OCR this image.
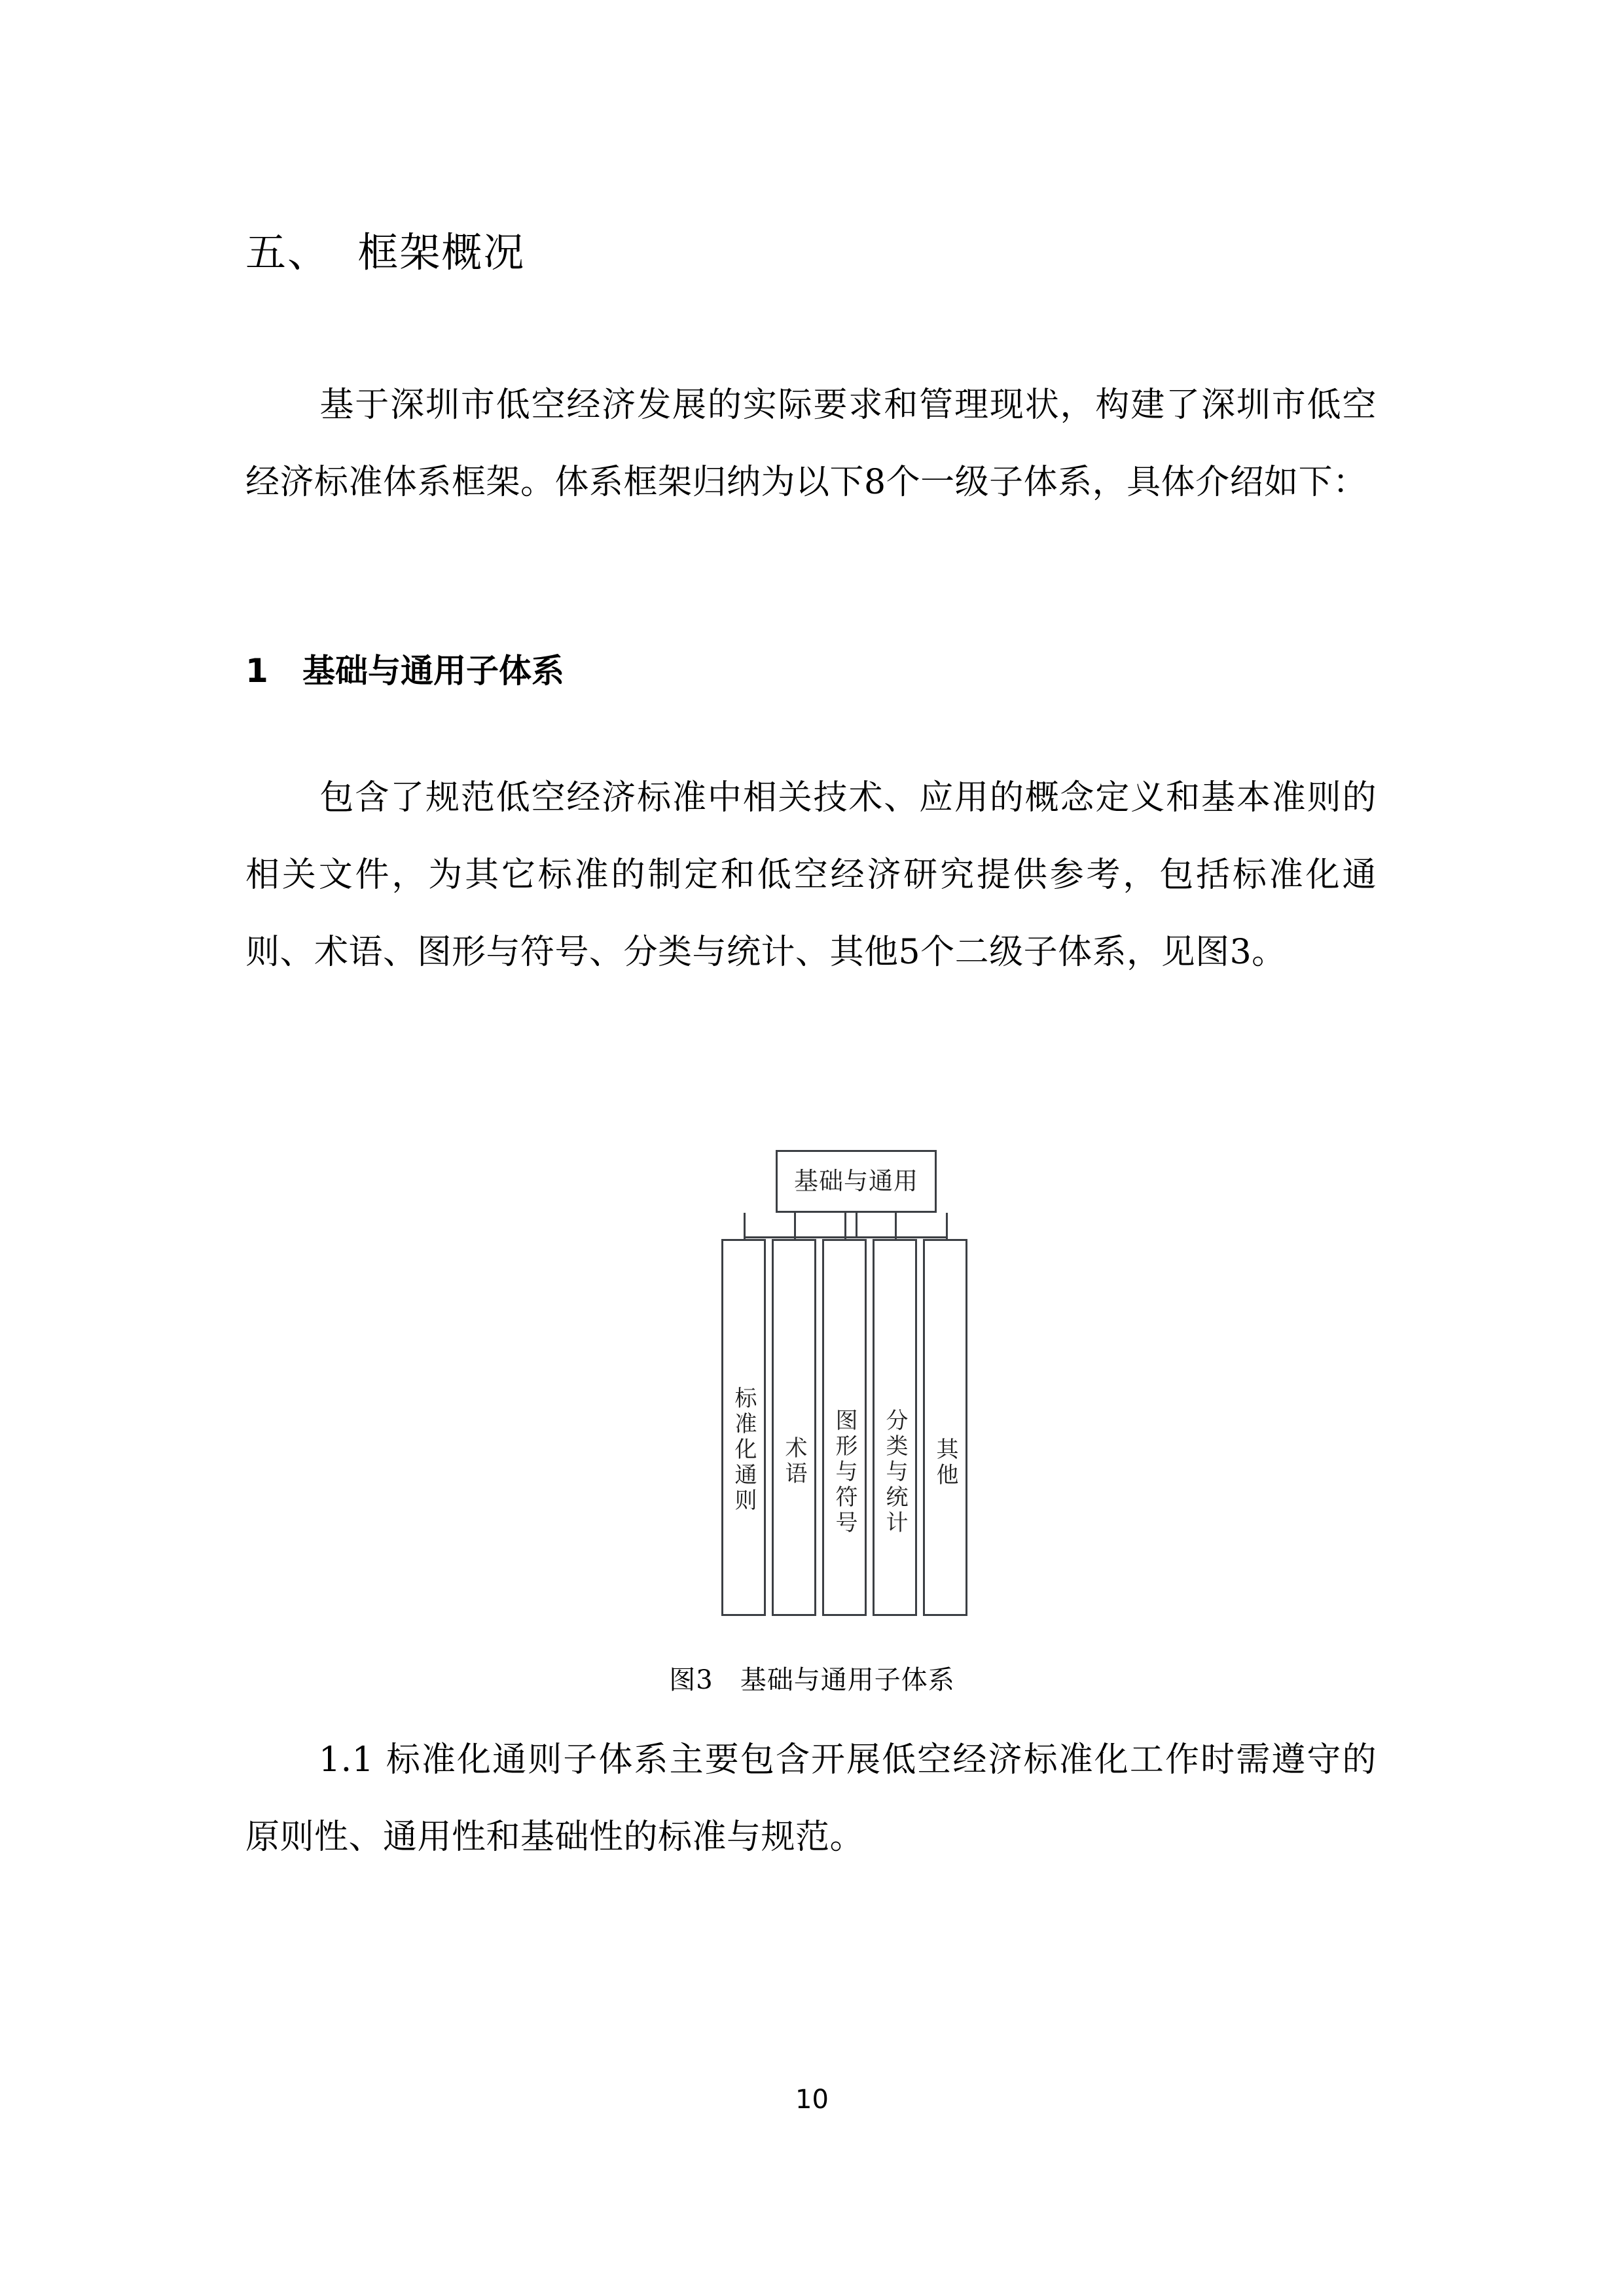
五、  框架概况
基于深圳市低空经济发展的实际要求和管理现状，构建了深圳市低空经济标准体系框架。体系框架归纳为以下8个一级子体系，具体介绍如下：
1   基础与通用子体系
包含了规范低空经济标准中相关技术、应用的概念定义和基本准则的相关文件，为其它标准的制定和低空经济研究提供参考，包括标准化通则、术语、图形与符号、分类与统计、其他5个二级子体系，见图3。
基础与通用
标准化通则 术语 图形与符号 分类与统计 其他
图3   基础与通用子体系
1.1 标准化通则子体系主要包含开展低空经济标准化工作时需遵守的原则性、通用性和基础性的标准与规范。
10
